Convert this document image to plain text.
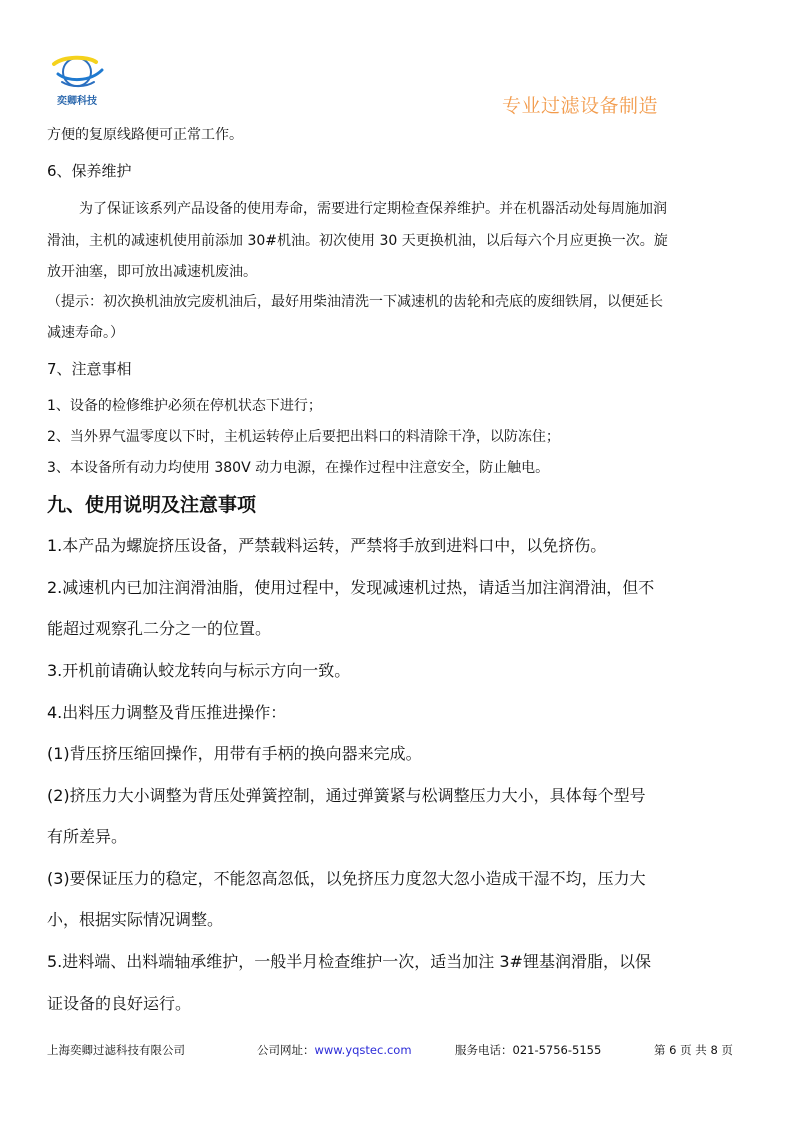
奕卿科技	专业过滤设备制造
方便的复原线路便可正常工作。
6、保养维护
为了保证该系列产品设备的使用寿命，需要进行定期检查保养维护。并在机器活动处每周施加润
滑油，主机的减速机使用前添加 30#机油。初次使用 30 天更换机油，以后每六个月应更换一次。旋
放开油塞，即可放出减速机废油。
（提示：初次换机油放完废机油后，最好用柴油清洗一下减速机的齿轮和壳底的废细铁屑，以便延长
减速寿命。）
7、注意事相
1、设备的检修维护必须在停机状态下进行；
2、当外界气温零度以下时，主机运转停止后要把出料口的料清除干净，以防冻住；
3、本设备所有动力均使用 380V 动力电源，在操作过程中注意安全，防止触电。
九、使用说明及注意事项
1.本产品为螺旋挤压设备，严禁载料运转，严禁将手放到进料口中，以免挤伤。
2.减速机内已加注润滑油脂，使用过程中，发现减速机过热，请适当加注润滑油，但不
能超过观察孔二分之一的位置。
3.开机前请确认蛟龙转向与标示方向一致。
4.出料压力调整及背压推进操作：
(1)背压挤压缩回操作，用带有手柄的换向器来完成。
(2)挤压力大小调整为背压处弹簧控制，通过弹簧紧与松调整压力大小，具体每个型号
有所差异。
(3)要保证压力的稳定，不能忽高忽低，以免挤压力度忽大忽小造成干湿不均，压力大
小，根据实际情况调整。
5.进料端、出料端轴承维护，一般半月检查维护一次，适当加注 3#锂基润滑脂，以保
证设备的良好运行。
上海奕卿过滤科技有限公司	公司网址：www.yqstec.com	服务电话：021-5756-5155	第 6 页 共 8 页
